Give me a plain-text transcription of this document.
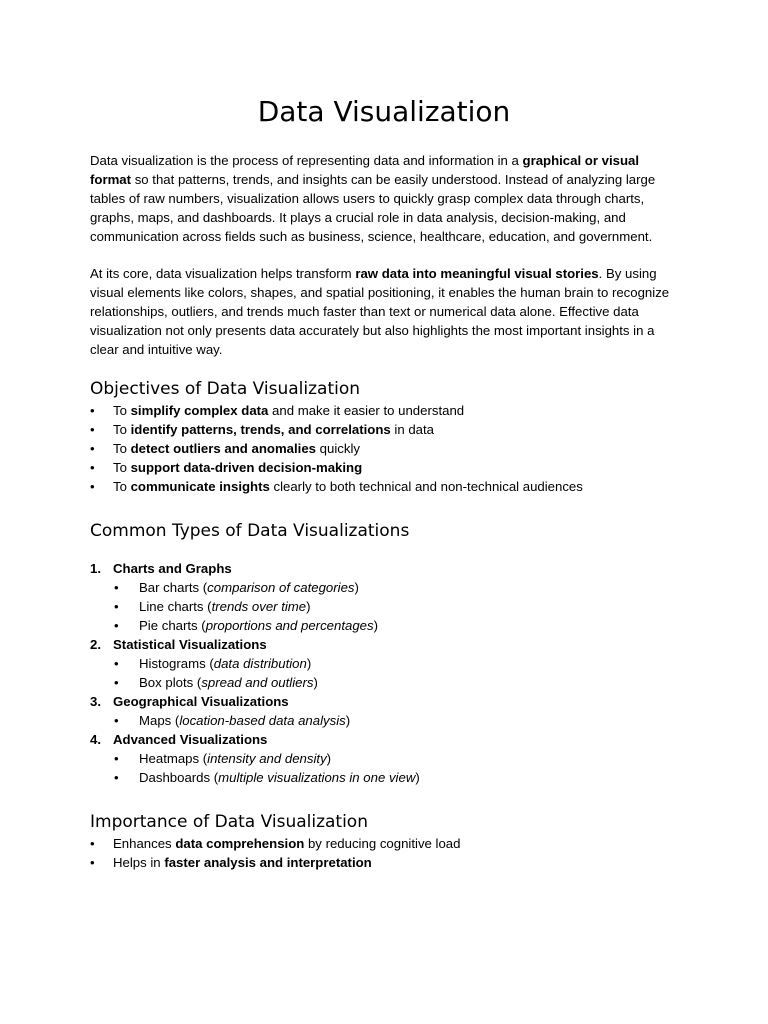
Data Visualization

Data visualization is the process of representing data and information in a graphical or visual format so that patterns, trends, and insights can be easily understood. Instead of analyzing large tables of raw numbers, visualization allows users to quickly grasp complex data through charts, graphs, maps, and dashboards. It plays a crucial role in data analysis, decision-making, and communication across fields such as business, science, healthcare, education, and government.

At its core, data visualization helps transform raw data into meaningful visual stories. By using visual elements like colors, shapes, and spatial positioning, it enables the human brain to recognize relationships, outliers, and trends much faster than text or numerical data alone. Effective data visualization not only presents data accurately but also highlights the most important insights in a clear and intuitive way.

Objectives of Data Visualization
• To simplify complex data and make it easier to understand
• To identify patterns, trends, and correlations in data
• To detect outliers and anomalies quickly
• To support data-driven decision-making
• To communicate insights clearly to both technical and non-technical audiences
Common Types of Data Visualizations
1. Charts and Graphs
• Bar charts (comparison of categories)
• Line charts (trends over time)
• Pie charts (proportions and percentages)
2. Statistical Visualizations
• Histograms (data distribution)
• Box plots (spread and outliers)
3. Geographical Visualizations
• Maps (location-based data analysis)
4. Advanced Visualizations
• Heatmaps (intensity and density)
• Dashboards (multiple visualizations in one view)
Importance of Data Visualization
• Enhances data comprehension by reducing cognitive load
• Helps in faster analysis and interpretation
